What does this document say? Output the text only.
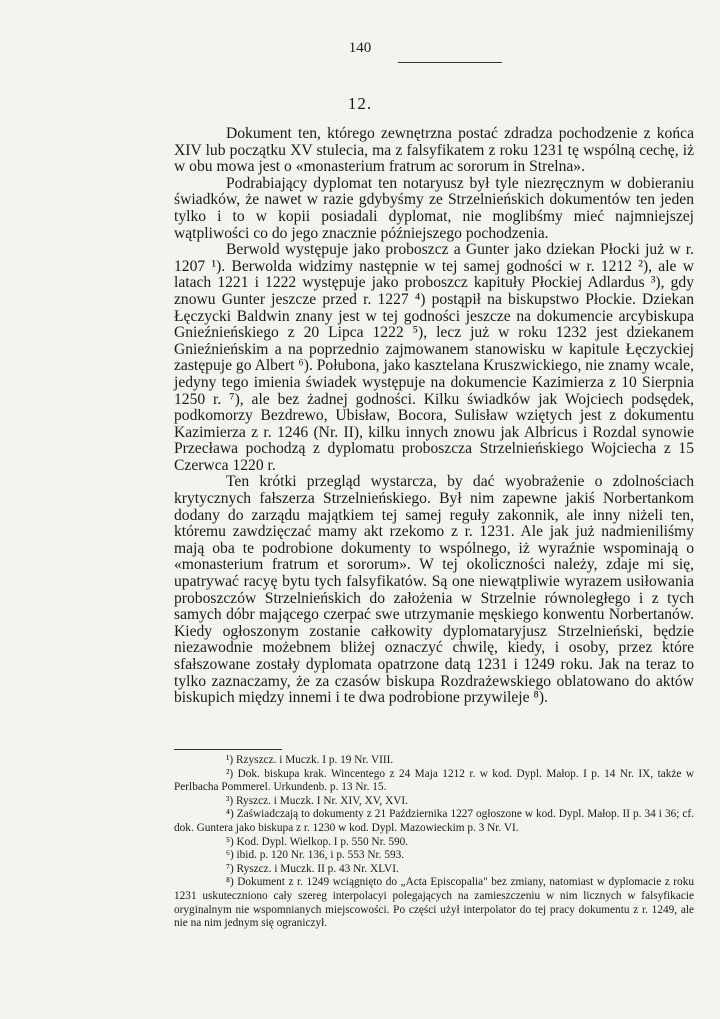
140
12.

Dokument ten, którego zewnętrzna postać zdradza pochodzenie z końca XIV lub początku XV stulecia, ma z falsyfikatem z roku 1231 tę wspólną cechę, iż w obu mowa jest o «monasterium fratrum ac sororum in Strelna».

Podrabiający dyplomat ten notaryusz był tyle niezręcznym w dobieraniu świadków, że nawet w razie gdybyśmy ze Strzelnieńskich dokumentów ten jeden tylko i to w kopii posiadali dyplomat, nie moglibśmy mieć najmniejszej wątpliwości co do jego znacznie późniejszego pochodzenia.

Berwold występuje jako proboszcz a Gunter jako dziekan Płocki już w r. 1207 ¹). Berwolda widzimy następnie w tej samej godności w r. 1212 ²), ale w latach 1221 i 1222 występuje jako proboszcz kapituły Płockiej Adlardus ³), gdy znowu Gunter jeszcze przed r. 1227 ⁴) postąpił na biskupstwo Płockie. Dziekan Łęczycki Baldwin znany jest w tej godności jeszcze na dokumencie arcybiskupa Gnieźnieńskiego z 20 Lipca 1222 ⁵), lecz już w roku 1232 jest dziekanem Gnieźnieńskim a na poprzednio zajmowanem stanowisku w kapitule Łęczyckiej zastępuje go Albert ⁶). Połubona, jako kasztelana Kruszwickiego, nie znamy wcale, jedyny tego imienia świadek występuje na dokumencie Kazimierza z 10 Sierpnia 1250 r. ⁷), ale bez żadnej godności. Kilku świadków jak Wojciech podsędek, podkomorzy Bezdrewo, Ubisław, Bocora, Sulisław wziętych jest z dokumentu Kazimierza z r. 1246 (Nr. II), kilku innych znowu jak Albricus i Rozdal synowie Przecława pochodzą z dyplomatu proboszcza Strzelnieńskiego Wojciecha z 15 Czerwca 1220 r.

Ten krótki przegląd wystarcza, by dać wyobrażenie o zdolnościach krytycznych fałszerza Strzelnieńskiego. Był nim zapewne jakiś Norbertankom dodany do zarządu majątkiem tej samej reguły zakonnik, ale inny niżeli ten, któremu zawdzięczać mamy akt rzekomo z r. 1231. Ale jak już nadmieniliśmy mają oba te podrobione dokumenty to wspólnego, iż wyraźnie wspominają o «monasterium fratrum et sororum». W tej okoliczności należy, zdaje mi się, upatrywać racyę bytu tych falsyfikatów. Są one niewątpliwie wyrazem usiłowania proboszczów Strzelnieńskich do założenia w Strzelnie równoległego i z tych samych dóbr mającego czerpać swe utrzymanie męskiego konwentu Norbertanów. Kiedy ogłoszonym zostanie całkowity dyplomataryjusz Strzelnieński, będzie niezawodnie możebnem bliżej oznaczyć chwilę, kiedy, i osoby, przez które sfałszowane zostały dyplomata opatrzone datą 1231 i 1249 roku. Jak na teraz to tylko zaznaczamy, że za czasów biskupa Rozdrażewskiego oblatowano do aktów biskupich między innemi i te dwa podrobione przywileje ⁸).

¹) Rzyszcz. i Muczk. I p. 19 Nr. VIII.

²) Dok. biskupa krak. Wincentego z 24 Maja 1212 r. w kod. Dypl. Małop. I p. 14 Nr. IX, także w Perlbacha Pommerel. Urkundenb. p. 13 Nr. 15.

³) Ryszcz. i Muczk. I Nr. XIV, XV, XVI.

⁴) Zaświadczają to dokumenty z 21 Października 1227 ogłoszone w kod. Dypl. Małop. II p. 34 i 36; cf. dok. Guntera jako biskupa z r. 1230 w kod. Dypl. Mazowieckim p. 3 Nr. VI.

⁵) Kod. Dypl. Wielkop. I p. 550 Nr. 590.

⁶) ibid. p. 120 Nr. 136, i p. 553 Nr. 593.

⁷) Ryszcz. i Muczk. II p. 43 Nr. XLVI.

⁸) Dokument z r. 1249 wciągnięto do „Acta Episcopalia" bez zmiany, natomiast w dyplomacie z roku 1231 uskuteczniono cały szereg interpolacyi polegających na zamieszczeniu w nim licznych w falsyfikacie oryginalnym nie wspomnianych miejscowości. Po części użył interpolator do tej pracy dokumentu z r. 1249, ale nie na nim jednym się ograniczył.
